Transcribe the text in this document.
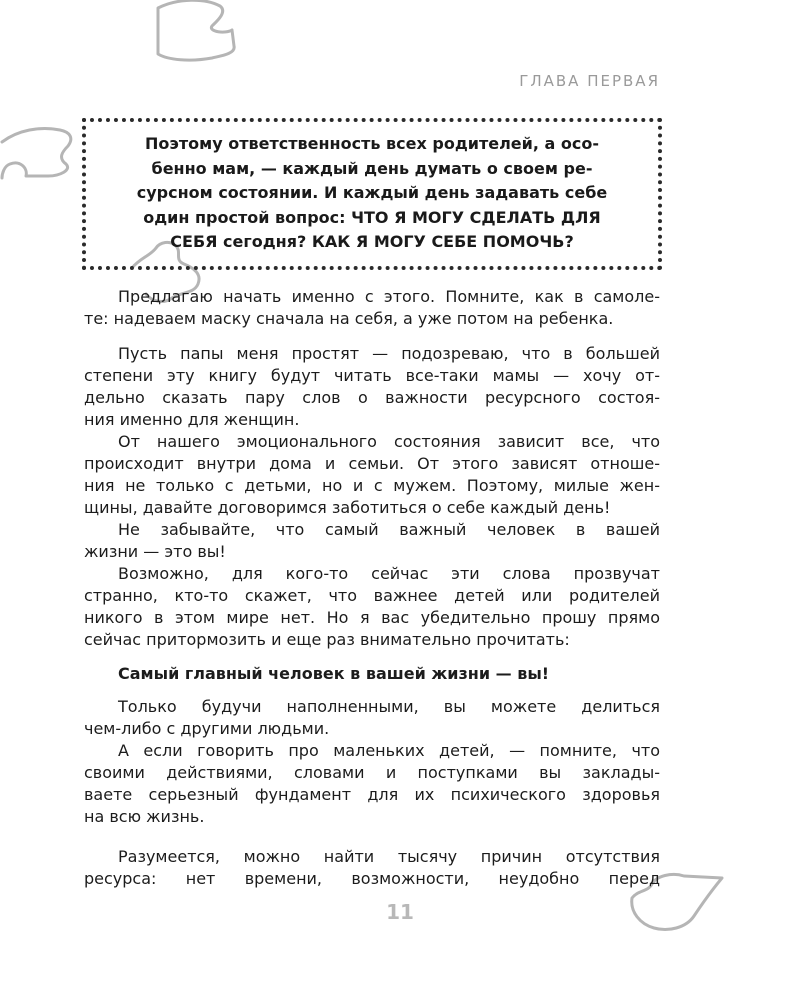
ГЛАВА ПЕРВАЯ
Поэтому ответственность всех родителей, а осо-
бенно мам, — каждый день думать о своем ре-
сурсном состоянии. И каждый день задавать себе
один простой вопрос: ЧТО Я МОГУ СДЕЛАТЬ ДЛЯ
СЕБЯ сегодня? КАК Я МОГУ СЕБЕ ПОМОЧЬ?
Предлагаю начать именно с этого. Помните, как в самоле-
те: надеваем маску сначала на себя, а уже потом на ребенка.
Пусть папы меня простят — подозреваю, что в большей
степени эту книгу будут читать все-таки мамы — хочу от-
дельно сказать пару слов о важности ресурсного состоя-
ния именно для женщин.
От нашего эмоционального состояния зависит все, что
происходит внутри дома и семьи. От этого зависят отноше-
ния не только с детьми, но и с мужем. Поэтому, милые жен-
щины, давайте договоримся заботиться о себе каждый день!
Не забывайте, что самый важный человек в вашей
жизни — это вы!
Возможно, для кого-то сейчас эти слова прозвучат
странно, кто-то скажет, что важнее детей или родителей
никого в этом мире нет. Но я вас убедительно прошу прямо
сейчас притормозить и еще раз внимательно прочитать:
Самый главный человек в вашей жизни — вы!
Только будучи наполненными, вы можете делиться
чем-либо с другими людьми.
А если говорить про маленьких детей, — помните, что
своими действиями, словами и поступками вы заклады-
ваете серьезный фундамент для их психического здоровья
на всю жизнь.
Разумеется, можно найти тысячу причин отсутствия
ресурса: нет времени, возможности, неудобно перед
11
